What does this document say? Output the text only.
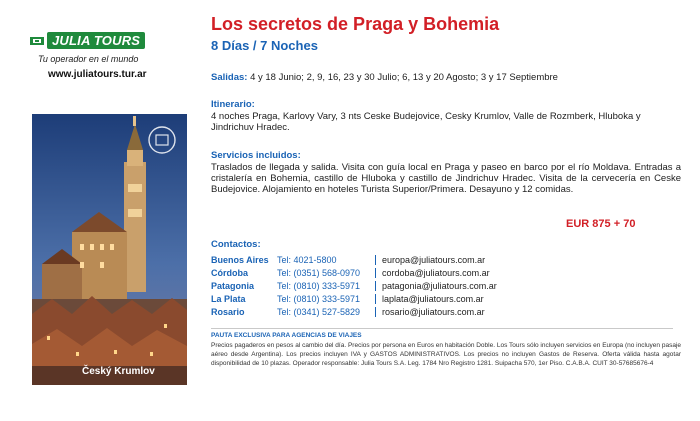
JULIA TOURS
Tu operador en el mundo
www.juliatours.tur.ar
Český Krumlov
Los secretos de Praga y Bohemia
8 Días / 7 Noches
Salidas: 4 y 18 Junio; 2, 9, 16, 23 y 30 Julio; 6, 13 y 20 Agosto; 3 y 17 Septiembre
Itinerario:
4 noches Praga, Karlovy Vary, 3 nts Ceske Budejovice, Cesky Krumlov, Valle de Rozmberk, Hluboka y Jindrichuv Hradec.
Servicios incluidos:
Traslados de llegada y salida. Visita con guía local en Praga y paseo en barco por el río Moldava. Entradas a cristalería en Bohemia, castillo de Hluboka y castillo de Jindrichuv Hradec. Visita de la cervecería en Ceske Budejovice. Alojamiento en hoteles Turista Superior/Primera. Desayuno y 12 comidas.
EUR 875 + 70
Contactos:
Buenos Aires Tel: 4021-5800	europa@juliatours.com.ar
Córdoba	Tel: (0351) 568-0970	cordoba@juliatours.com.ar
Patagonia	Tel: (0810) 333-5971	patagonia@juliatours.com.ar
La Plata	Tel: (0810) 333-5971	laplata@juliatours.com.ar
Rosario	Tel: (0341) 527-5829	rosario@juliatours.com.ar
PAUTA EXCLUSIVA PARA AGENCIAS DE VIAJES
Precios pagaderos en pesos al cambio del día. Precios por persona en Euros en habitación Doble. Los Tours sólo incluyen servicios en Europa (no incluyen pasaje aéreo desde Argentina). Los precios incluyen IVA y GASTOS ADMINISTRATIVOS. Los precios no incluyen Gastos de Reserva. Oferta válida hasta agotar disponibilidad de 10 plazas. Operador responsable: Julia Tours S.A. Leg. 1784 Nro Registro 1281. Suipacha 570, 1er Piso. C.A.B.A. CUIT 30-57685676-4
